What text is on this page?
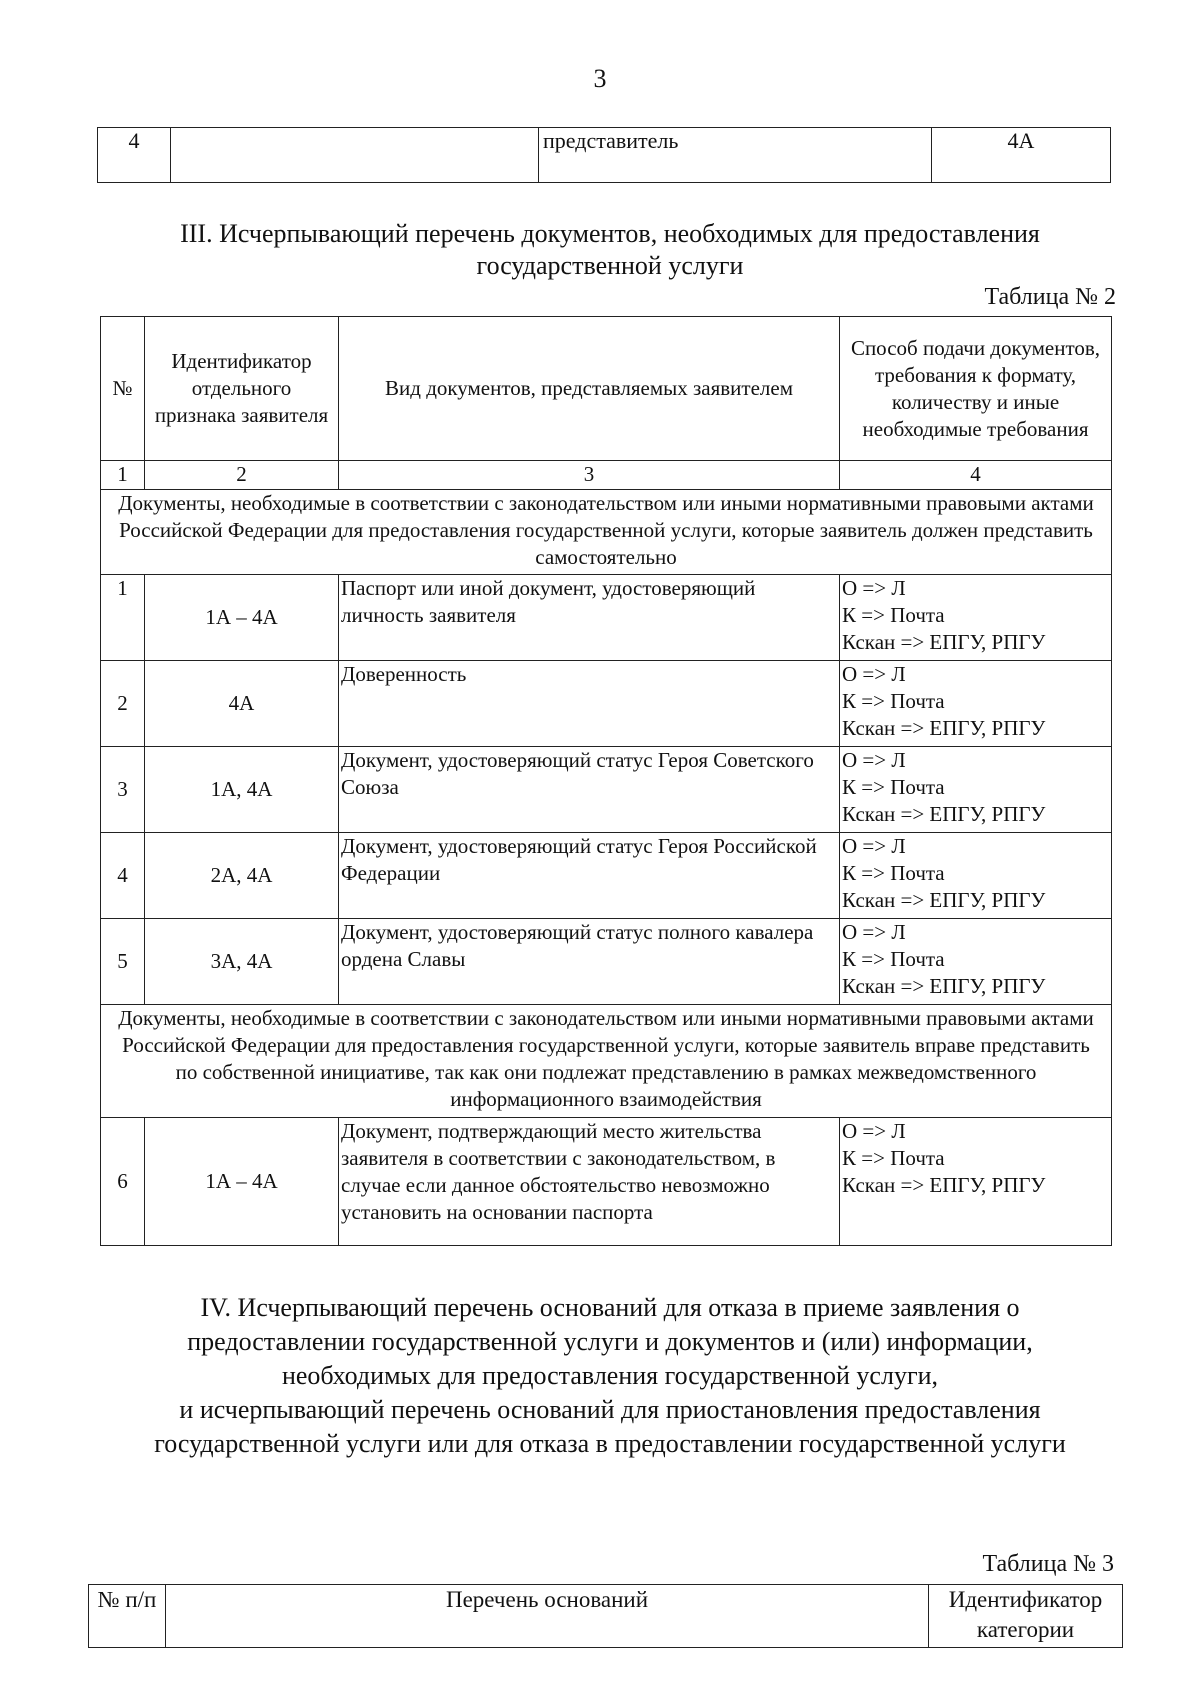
3
4		представитель	4А
III. Исчерпывающий перечень документов, необходимых для предоставления
государственной услуги
Таблица № 2
№	Идентификатор отдельного признака заявителя	Вид документов, представляемых заявителем	Способ подачи документов, требования к формату, количеству и иные необходимые требования
1	2	3	4
Документы, необходимые в соответствии с законодательством или иными нормативными правовыми актами Российской Федерации для предоставления государственной услуги, которые заявитель должен представить самостоятельно			
1	1А – 4А	Паспорт или иной документ, удостоверяющий личность заявителя	О => Л
К => Почта
Кскан => ЕПГУ, РПГУ

2	4А	Доверенность	О => Л
К => Почта
Кскан => ЕПГУ, РПГУ

3	1А, 4А	Документ, удостоверяющий статус Героя Советского Союза	О => Л
К => Почта
Кскан => ЕПГУ, РПГУ

4	2А, 4А	Документ, удостоверяющий статус Героя Российской Федерации	О => Л
К => Почта
Кскан => ЕПГУ, РПГУ

5	3А, 4А	Документ, удостоверяющий статус полного кавалера ордена Славы	О => Л
К => Почта
Кскан => ЕПГУ, РПГУ

Документы, необходимые в соответствии с законодательством или иными нормативными правовыми актами Российской Федерации для предоставления государственной услуги, которые заявитель вправе представить по собственной инициативе, так как они подлежат представлению в рамках межведомственного информационного взаимодействия			
6	1А – 4А	Документ, подтверждающий место жительства заявителя в соответствии с законодательством, в случае если данное обстоятельство невозможно установить на основании паспорта	О => Л
К => Почта
Кскан => ЕПГУ, РПГУ
IV. Исчерпывающий перечень оснований для отказа в приеме заявления о
предоставлении государственной услуги и документов и (или) информации,
необходимых для предоставления государственной услуги,
и исчерпывающий перечень оснований для приостановления предоставления
государственной услуги или для отказа в предоставлении государственной услуги
Таблица № 3
№ п/п	Перечень оснований	Идентификатор категории
